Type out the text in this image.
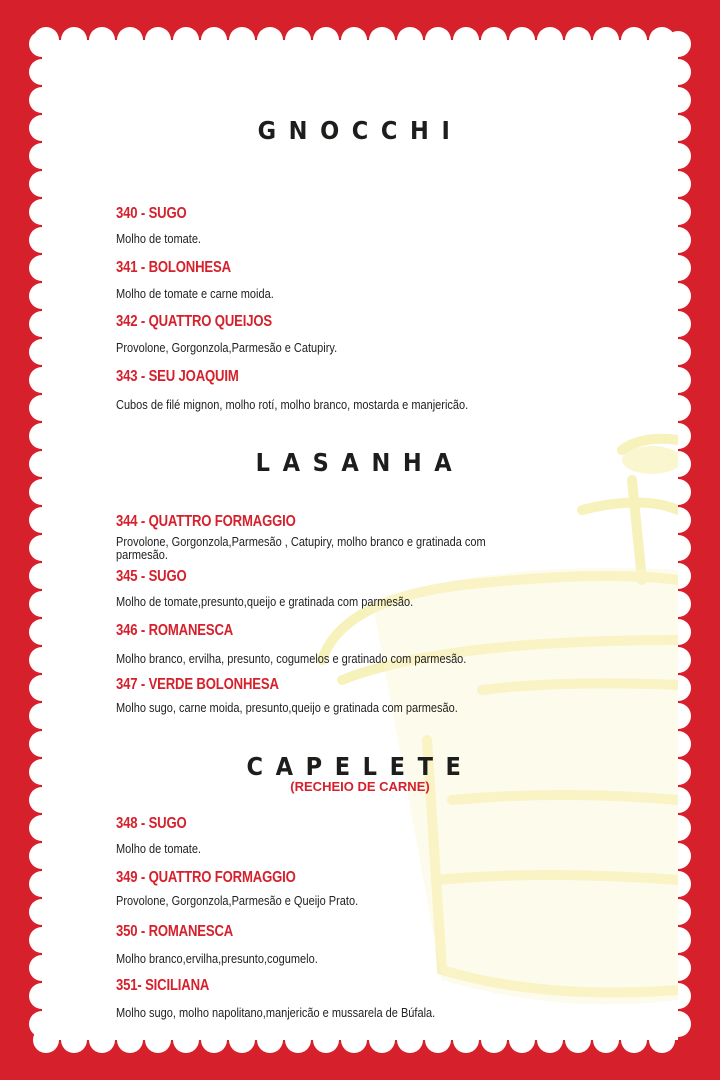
GNOCCHI
340 - SUGO
Molho de tomate.
341 - BOLONHESA
Molho de tomate e carne moida.
342 - QUATTRO QUEIJOS
Provolone, Gorgonzola,Parmesão e Catupiry.
343 - SEU JOAQUIM
Cubos de filé mignon, molho rotí, molho branco, mostarda e manjericão.
LASANHA
344 - QUATTRO FORMAGGIO
Provolone, Gorgonzola,Parmesão , Catupiry, molho branco e gratinada com parmesão.
345 - SUGO
Molho de tomate,presunto,queijo e gratinada com parmesão.
346 - ROMANESCA
Molho branco, ervilha, presunto, cogumelos e gratinado com parmesão.
347 - VERDE BOLONHESA
Molho sugo, carne moida, presunto,queijo e gratinada com parmesão.
CAPELETE
(RECHEIO DE CARNE)
348 - SUGO
Molho de tomate.
349 - QUATTRO FORMAGGIO
Provolone, Gorgonzola,Parmesão e Queijo Prato.
350 - ROMANESCA
Molho branco,ervilha,presunto,cogumelo.
351- SICILIANA
Molho sugo, molho napolitano,manjericão e mussarela de Búfala.
